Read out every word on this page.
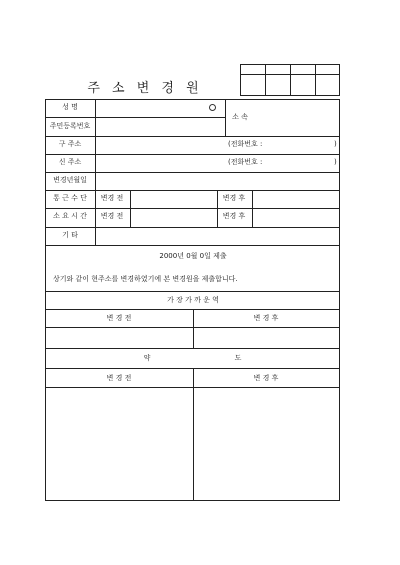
주 소 변 경 원
성 명
소 속
주민등록번호
구 주소	(전화번호 :	)
신 주소	(전화번호 :	)
변경년월일
통 근 수 단 변경 전	변경 후
소 요 시 간 변경 전	변경 후
기 타
2000년 0월 0일 제출
상기와 같이 현주소를 변경하였기에 본 변경원을 제출합니다.
가 장 가 까 운 역
변 경 전	변 경 후
약	도
변 경 전	변 경 후
